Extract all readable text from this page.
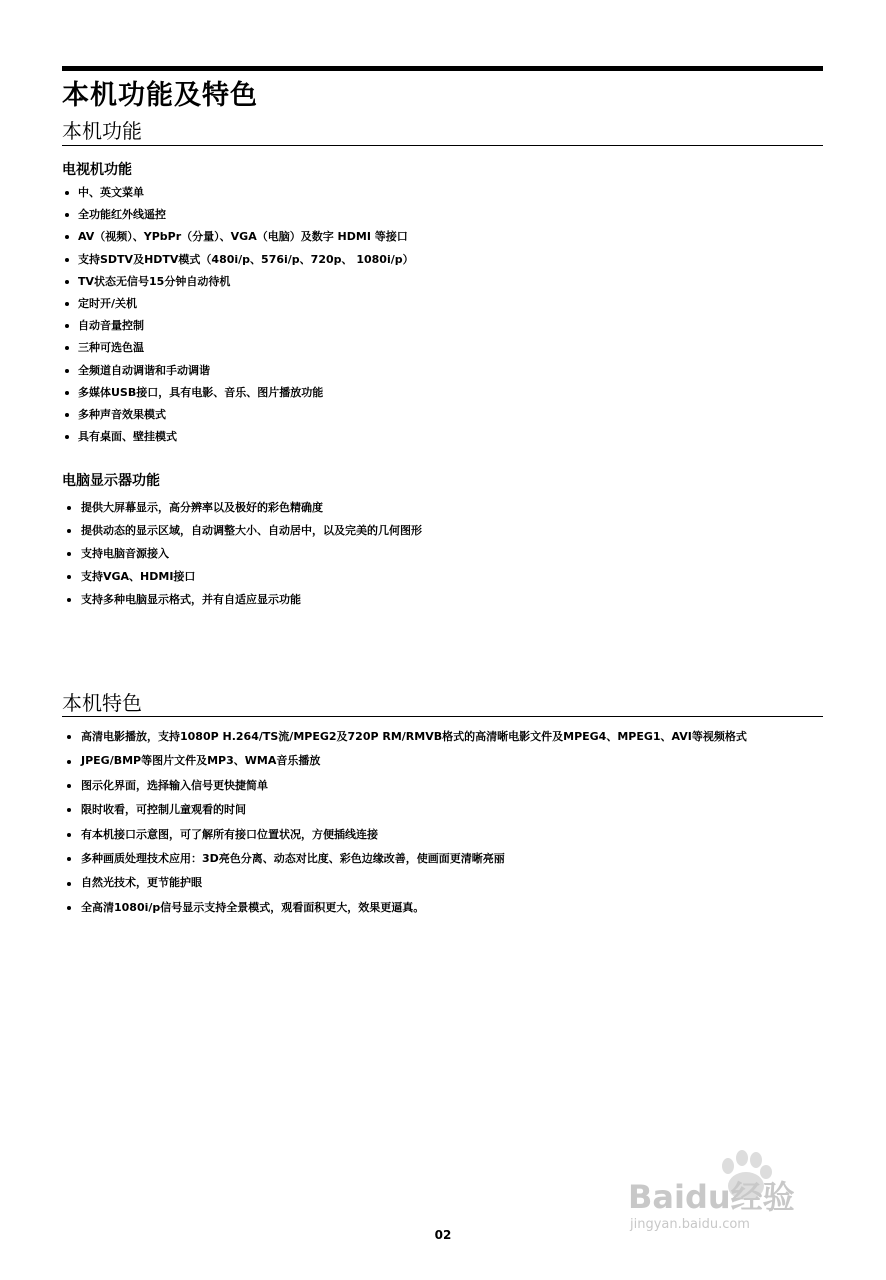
本机功能及特色
本机功能
电视机功能
中、英文菜单
全功能红外线遥控
AV（视频）、YPbPr（分量）、VGA（电脑）及数字 HDMI 等接口
支持SDTV及HDTV模式（480i/p、576i/p、720p、 1080i/p）
TV状态无信号15分钟自动待机
定时开/关机
自动音量控制
三种可选色温
全频道自动调谐和手动调谐
多媒体USB接口，具有电影、音乐、图片播放功能
多种声音效果模式
具有桌面、壁挂模式
电脑显示器功能
提供大屏幕显示，高分辨率以及极好的彩色精确度
提供动态的显示区域，自动调整大小、自动居中，以及完美的几何图形
支持电脑音源接入
支持VGA、HDMI接口
支持多种电脑显示格式，并有自适应显示功能
本机特色
高清电影播放，支持1080P H.264/TS流/MPEG2及720P RM/RMVB格式的高清晰电影文件及MPEG4、MPEG1、AVI等视频格式
JPEG/BMP等图片文件及MP3、WMA音乐播放
图示化界面，选择输入信号更快捷简单
限时收看，可控制儿童观看的时间
有本机接口示意图，可了解所有接口位置状况，方便插线连接
多种画质处理技术应用：3D亮色分离、动态对比度、彩色边缘改善，使画面更清晰亮丽
自然光技术，更节能护眼
全高清1080i/p信号显示支持全景模式，观看面积更大，效果更逼真。
Baidu经验
jingyan.baidu.com
02
